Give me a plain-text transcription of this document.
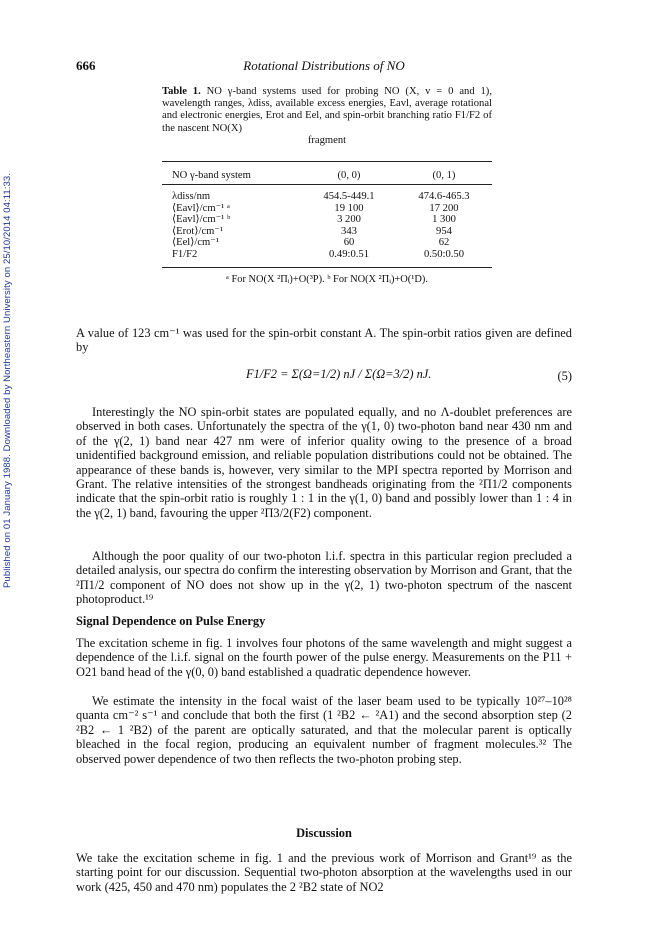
Published on 01 January 1988. Downloaded by Northeastern University on 25/10/2014 04:11:33.
666	Rotational Distributions of NO
Table 1. NO γ-band systems used for probing NO (X, v = 0 and 1), wavelength ranges, λdiss, available excess energies, Eavl, average rotational and electronic energies, Erot and Eel, and spin-orbit branching ratio F1/F2 of the nascent NO(X)
fragment
NO γ-band system	(0, 0)	(0, 1)
λdiss/nm	454.5-449.1	474.6-465.3
⟨Eavl⟩/cm⁻¹ ᵃ	19 100	17 200
⟨Eavl⟩/cm⁻¹ ᵇ	3 200	1 300
⟨Erot⟩/cm⁻¹	343	954
⟨Eel⟩/cm⁻¹	60	62
F1/F2	0.49:0.51	0.50:0.50
ᵃ For NO(X ²Πᵢ)+O(³P). ᵇ For NO(X ²Πᵢ)+O(¹D).

A value of 123 cm⁻¹ was used for the spin-orbit constant A. The spin-orbit ratios given are defined by

F1/F2 = Σ(Ω=1/2) nJ / Σ(Ω=3/2) nJ.	(5)

Interestingly the NO spin-orbit states are populated equally, and no Λ-doublet preferences are observed in both cases. Unfortunately the spectra of the γ(1, 0) two-photon band near 430 nm and of the γ(2, 1) band near 427 nm were of inferior quality owing to the presence of a broad unidentified background emission, and reliable population distributions could not be obtained. The appearance of these bands is, however, very similar to the MPI spectra reported by Morrison and Grant. The relative intensities of the strongest bandheads originating from the ²Π1/2 components indicate that the spin-orbit ratio is roughly 1 : 1 in the γ(1, 0) band and possibly lower than 1 : 4 in the γ(2, 1) band, favouring the upper ²Π3/2(F2) component.

Although the poor quality of our two-photon l.i.f. spectra in this particular region precluded a detailed analysis, our spectra do confirm the interesting observation by Morrison and Grant, that the ²Π1/2 component of NO does not show up in the γ(2, 1) two-photon spectrum of the nascent photoproduct.¹⁹

Signal Dependence on Pulse Energy

The excitation scheme in fig. 1 involves four photons of the same wavelength and might suggest a dependence of the l.i.f. signal on the fourth power of the pulse energy. Measurements on the P11 + O21 band head of the γ(0, 0) band established a quadratic dependence however.

We estimate the intensity in the focal waist of the laser beam used to be typically 10²⁷–10²⁸ quanta cm⁻² s⁻¹ and conclude that both the first (1 ²B2 ← ²A1) and the second absorption step (2 ²B2 ← 1 ²B2) of the parent are optically saturated, and that the molecular parent is optically bleached in the focal region, producing an equivalent number of fragment molecules.³² The observed power dependence of two then reflects the two-photon probing step.

Discussion

We take the excitation scheme in fig. 1 and the previous work of Morrison and Grant¹⁹ as the starting point for our discussion. Sequential two-photon absorption at the wavelengths used in our work (425, 450 and 470 nm) populates the 2 ²B2 state of NO2
